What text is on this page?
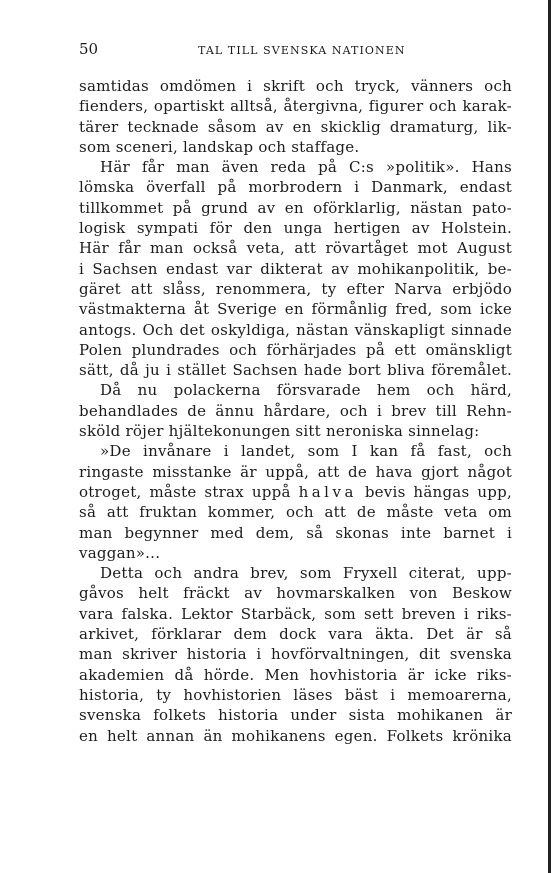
50	TAL TILL SVENSKA NATIONEN
samtidas omdömen i skrift och tryck, vänners och
fienders, opartiskt alltså, återgivna, figurer och karak-
tärer tecknade såsom av en skicklig dramaturg, lik-
som sceneri, landskap och staffage.
Här får man även reda på C:s »politik». Hans
lömska överfall på morbrodern i Danmark, endast
tillkommet på grund av en oförklarlig, nästan pato-
logisk sympati för den unga hertigen av Holstein.
Här får man också veta, att rövartåget mot August
i Sachsen endast var dikterat av mohikanpolitik, be-
gäret att slåss, renommera, ty efter Narva erbjödo
västmakterna åt Sverige en förmånlig fred, som icke
antogs. Och det oskyldiga, nästan vänskapligt sinnade
Polen plundrades och förhärjades på ett omänskligt
sätt, då ju i stället Sachsen hade bort bliva föremålet.
Då nu polackerna försvarade hem och härd,
behandlades de ännu hårdare, och i brev till Rehn-
sköld röjer hjältekonungen sitt neroniska sinnelag:
»De invånare i landet, som I kan få fast, och
ringaste misstanke är uppå, att de hava gjort något
otroget, måste strax uppå halva bevis hängas upp,
så att fruktan kommer, och att de måste veta om
man begynner med dem, så skonas inte barnet i
vaggan»...
Detta och andra brev, som Fryxell citerat, upp-
gåvos helt fräckt av hovmarskalken von Beskow
vara falska. Lektor Starbäck, som sett breven i riks-
arkivet, förklarar dem dock vara äkta. Det är så
man skriver historia i hovförvaltningen, dit svenska
akademien då hörde. Men hovhistoria är icke riks-
historia, ty hovhistorien läses bäst i memoarerna,
svenska folkets historia under sista mohikanen är
en helt annan än mohikanens egen. Folkets krönika
